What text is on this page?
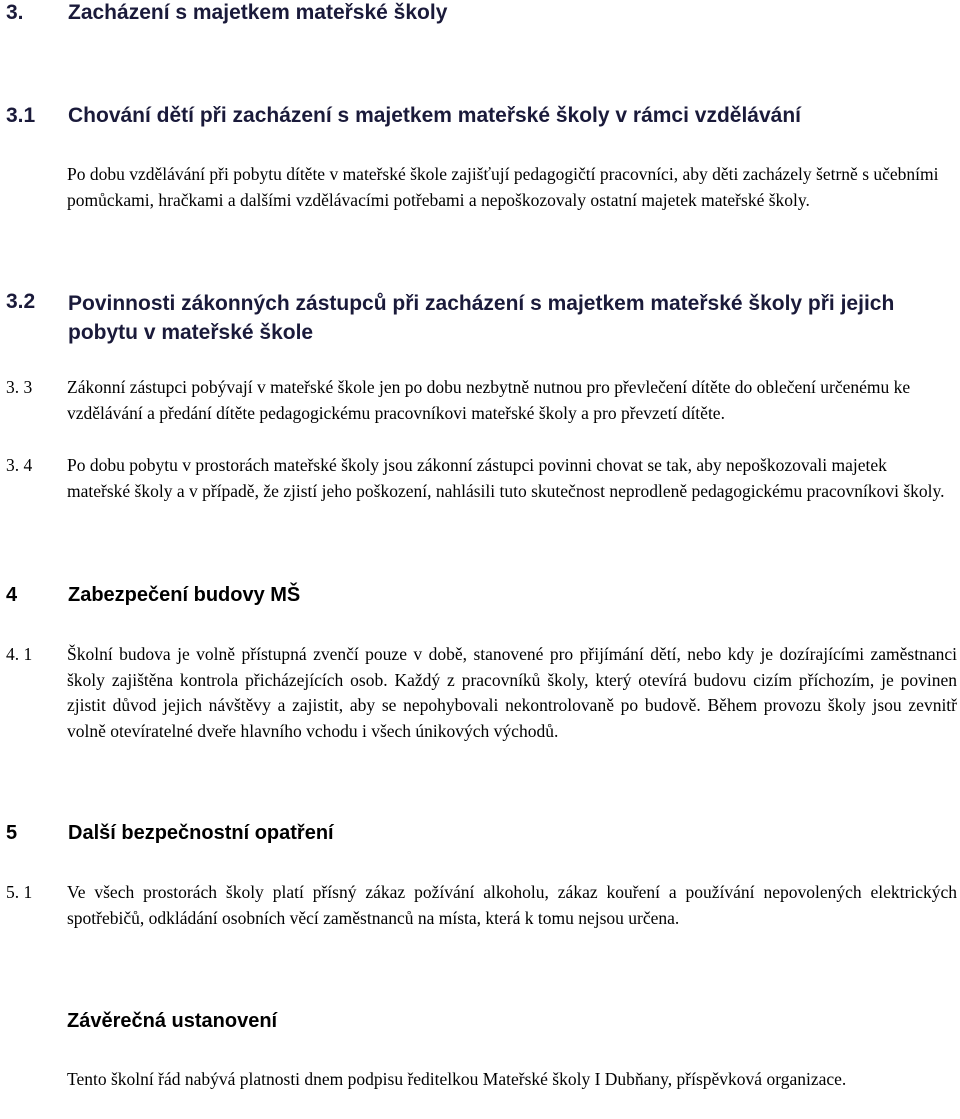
3. Zacházení s majetkem mateřské školy
3.1 Chování dětí při zacházení s majetkem mateřské školy v rámci vzdělávání

Po dobu vzdělávání při pobytu dítěte v mateřské škole zajišťují pedagogičtí pracovníci, aby děti zacházely šetrně s učebními pomůckami, hračkami a dalšími vzdělávacími potřebami a nepoškozovaly ostatní majetek mateřské školy.

3.2 Povinnosti zákonných zástupců při zacházení s majetkem mateřské školy při jejich pobytu v mateřské škole
3. 3 Zákonní zástupci pobývají v mateřské škole jen po dobu nezbytně nutnou pro převlečení dítěte do oblečení určenému ke vzdělávání a předání dítěte pedagogickému pracovníkovi mateřské školy a pro převzetí dítěte.

3. 4 Po dobu pobytu v prostorách mateřské školy jsou zákonní zástupci povinni chovat se tak, aby nepoškozovali majetek mateřské školy a v případě, že zjistí jeho poškození, nahlásili tuto skutečnost neprodleně pedagogickému pracovníkovi školy.

4	Zabezpečení budovy MŠ
4. 1 Školní budova je volně přístupná zvenčí pouze v době, stanovené pro přijímání dětí, nebo kdy je dozírajícími zaměstnanci školy zajištěna kontrola přicházejících osob. Každý z pracovníků školy, který otevírá budovu cizím příchozím, je povinen zjistit důvod jejich návštěvy a zajistit, aby se nepohybovali nekontrolovaně po budově. Během provozu školy jsou zevnitř volně otevíratelné dveře hlavního vchodu i všech únikových východů.

5	Další bezpečnostní opatření
5. 1 Ve všech prostorách školy platí přísný zákaz požívání alkoholu, zákaz kouření a používání nepovolených elektrických spotřebičů, odkládání osobních věcí zaměstnanců na místa, která k tomu nejsou určena.

Závěrečná ustanovení

Tento školní řád nabývá platnosti dnem podpisu ředitelkou Mateřské školy I Dubňany, příspěvková organizace.
